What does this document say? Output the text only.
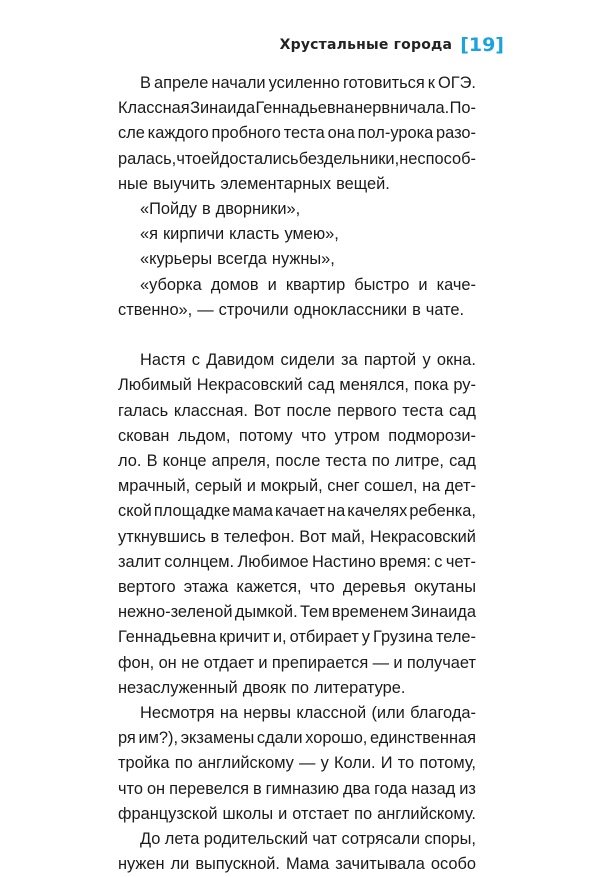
Хрустальные города [19]
В апреле начали усиленно готовиться к ОГЭ.
Классная Зинаида Геннадьевна нервничала. По-
сле каждого пробного теста она пол-урока разо-
ралась, что ей достались бездельники, неспособ-
ные выучить элементарных вещей.
«Пойду в дворники»,
«я кирпичи класть умею»,
«курьеры всегда нужны»,
«уборка домов и квартир быстро и каче-
ственно», — строчили одноклассники в чате.
Настя с Давидом сидели за партой у окна.
Любимый Некрасовский сад менялся, пока ру-
галась классная. Вот после первого теста сад
скован льдом, потому что утром подморози-
ло. В конце апреля, после теста по литре, сад
мрачный, серый и мокрый, снег сошел, на дет-
ской площадке мама качает на качелях ребенка,
уткнувшись в телефон. Вот май, Некрасовский
залит солнцем. Любимое Настино время: с чет-
вертого этажа кажется, что деревья окутаны
нежно-зеленой дымкой. Тем временем Зинаида
Геннадьевна кричит и, отбирает у Грузина теле-
фон, он не отдает и препирается — и получает
незаслуженный двояк по литературе.
Несмотря на нервы классной (или благода-
ря им?), экзамены сдали хорошо, единственная
тройка по английскому — у Коли. И то потому,
что он перевелся в гимназию два года назад из
французской школы и отстает по английскому.
До лета родительский чат сотрясали споры,
нужен ли выпускной. Мама зачитывала особо
